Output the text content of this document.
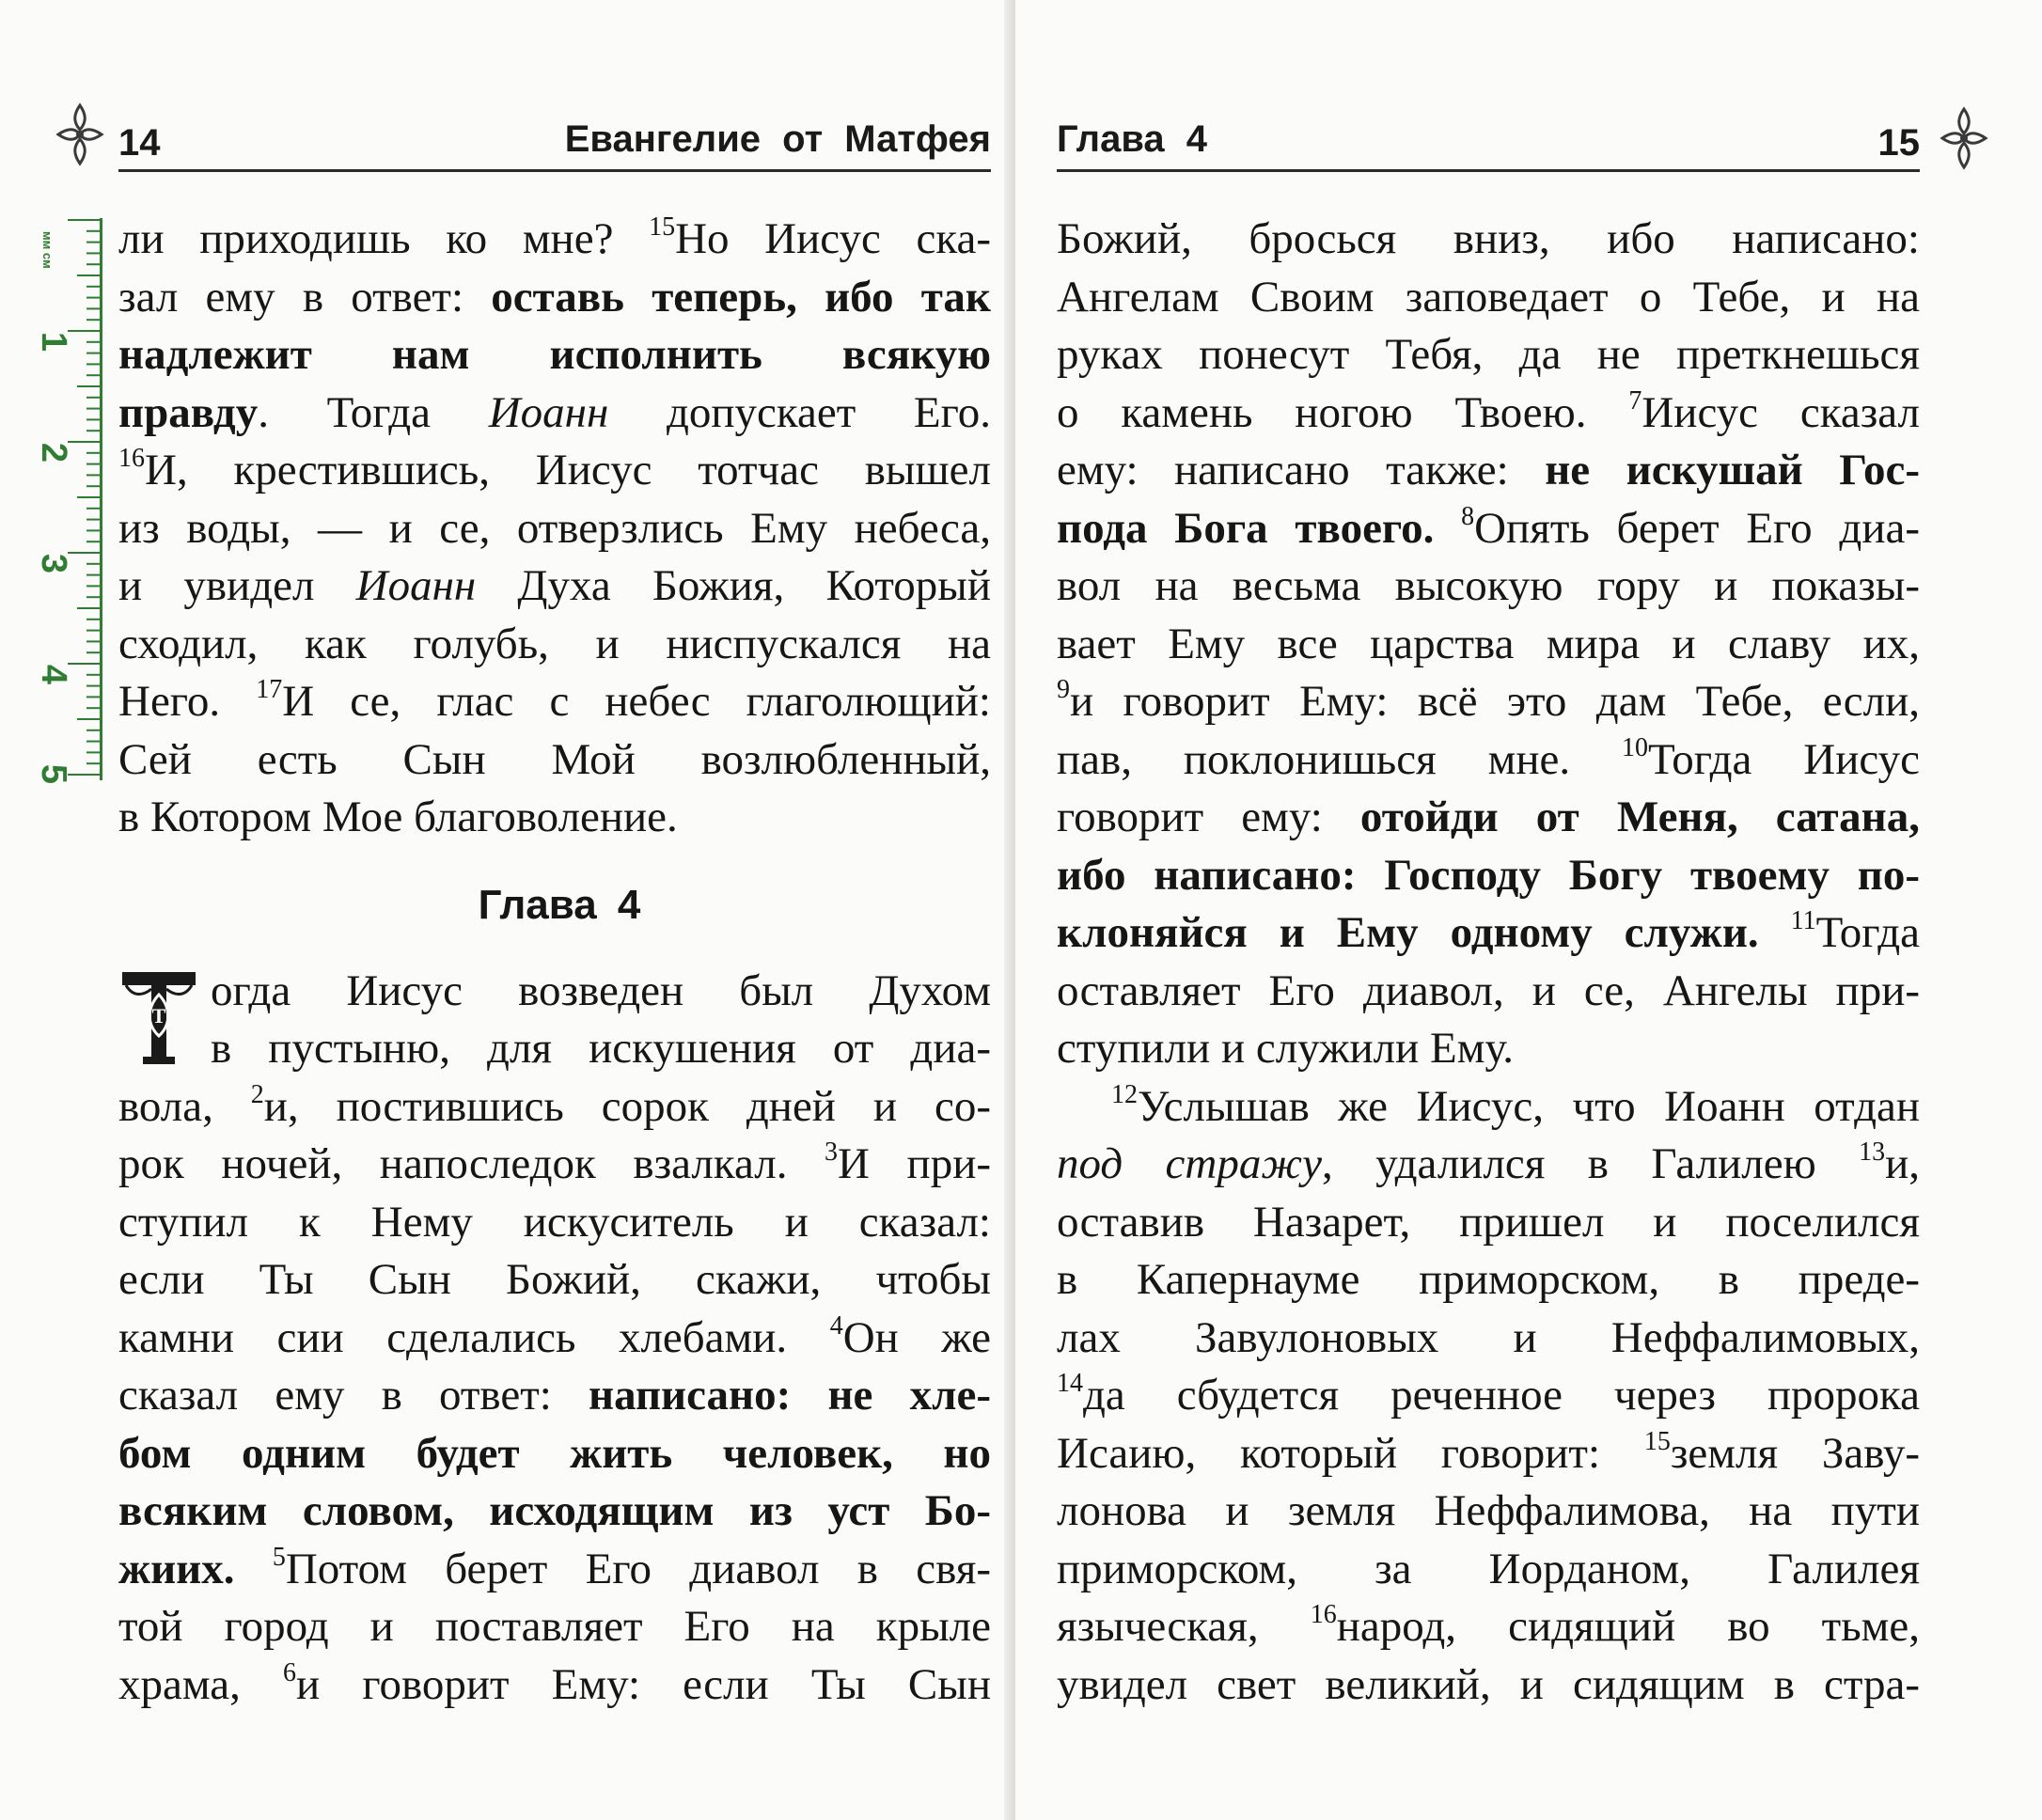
14	Евангелие от Матфея
мм см
1
2
3
4
5
ли приходишь ко мне? $^{15}$Но Иисус ска-
зал ему в ответ: оставь теперь, ибо так
надлежит нам исполнить всякую
правду. Тогда Иоанн допускает Его.
$^{16}$И, крестившись, Иисус тотчас вышел
из воды, — и се, отверзлись Ему небеса,
и увидел Иоанн Духа Божия, Который
сходил, как голубь, и ниспускался на
Него. $^{17}$И се, глас с небес глаголющий:
Сей есть Сын Мой возлюбленный,
в Котором Мое благоволение.
Глава 4
Т
огда Иисус возведен был Духом
в пустыню, для искушения от диа-
вола, $^2$и, постившись сорок дней и со-
рок ночей, напоследок взалкал. $^3$И при-
ступил к Нему искуситель и сказал:
если Ты Сын Божий, скажи, чтобы
камни сии сделались хлебами. $^4$Он же
сказал ему в ответ: написано: не хле-
бом одним будет жить человек, но
всяким словом, исходящим из уст Бо-
жиих. $^5$Потом берет Его диавол в свя-
той город и поставляет Его на крыле
храма, $^6$и говорит Ему: если Ты Сын
Глава 4	15
Божий, бросься вниз, ибо написано:
Ангелам Своим заповедает о Тебе, и на
руках понесут Тебя, да не преткнешься
о камень ногою Твоею. $^7$Иисус сказал
ему: написано также: не искушай Гос-
пода Бога твоего. $^8$Опять берет Его диа-
вол на весьма высокую гору и показы-
вает Ему все царства мира и славу их,
$^9$и говорит Ему: всё это дам Тебе, если,
пав, поклонишься мне. $^{10}$Тогда Иисус
говорит ему: отойди от Меня, сатана,
ибо написано: Господу Богу твоему по-
клоняйся и Ему одному служи. $^{11}$Тогда
оставляет Его диавол, и се, Ангелы при-
ступили и служили Ему.
$^{12}$Услышав же Иисус, что Иоанн отдан
под стражу, удалился в Галилею $^{13}$и,
оставив Назарет, пришел и поселился
в Капернауме приморском, в преде-
лах Завулоновых и Неффалимовых,
$^{14}$да сбудется реченное через пророка
Исаию, который говорит: $^{15}$земля Заву-
лонова и земля Неффалимова, на пути
приморском, за Иорданом, Галилея
языческая, $^{16}$народ, сидящий во тьме,
увидел свет великий, и сидящим в стра-
